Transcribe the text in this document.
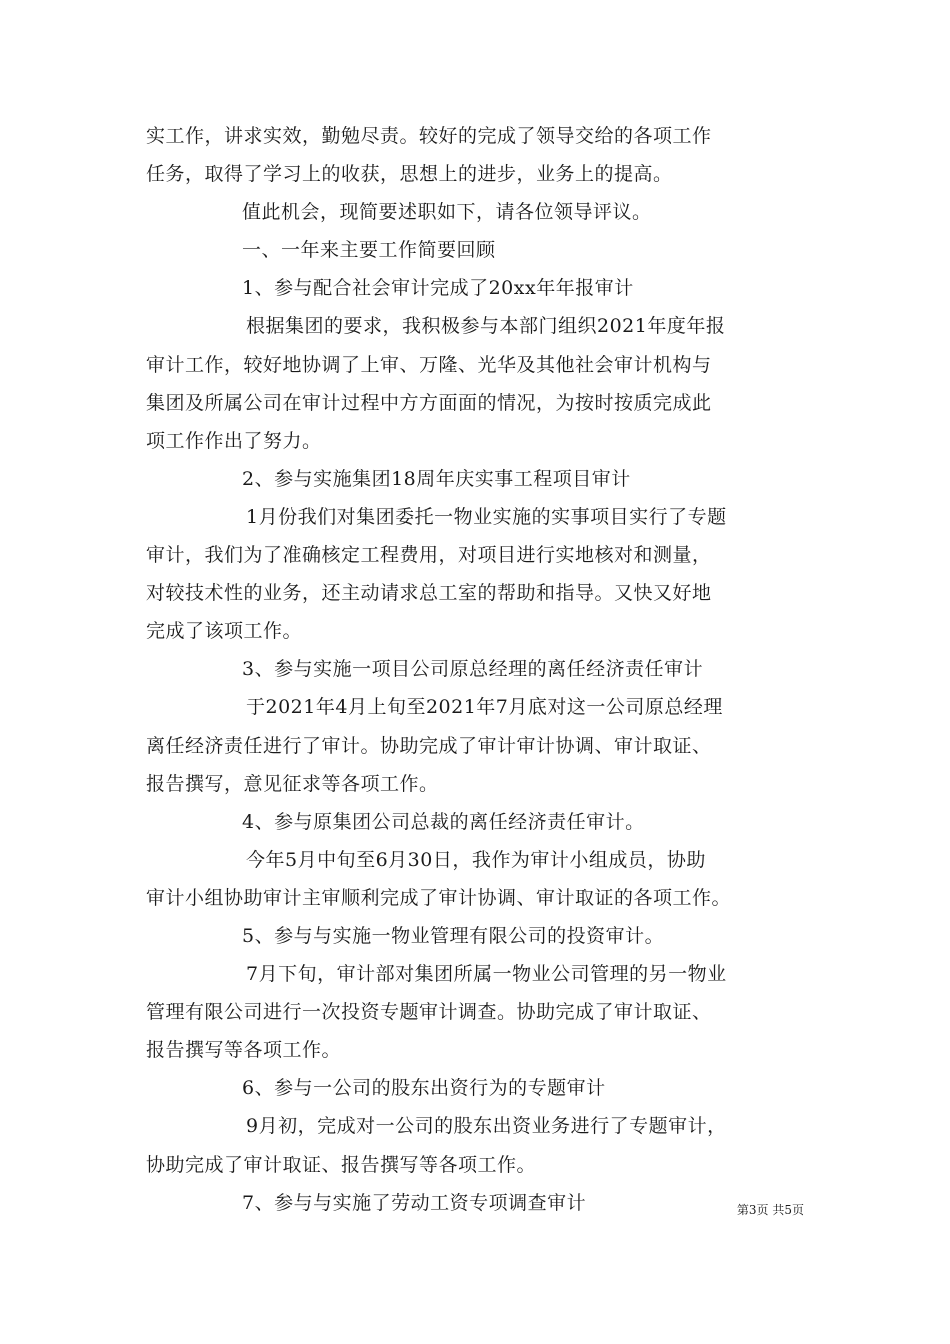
实工作，讲求实效，勤勉尽责。较好的完成了领导交给的各项工作
任务，取得了学习上的收获，思想上的进步，业务上的提高。
值此机会，现简要述职如下，请各位领导评议。
一、一年来主要工作简要回顾
1、参与配合社会审计完成了20xx年年报审计
根据集团的要求，我积极参与本部门组织2021年度年报
审计工作，较好地协调了上审、万隆、光华及其他社会审计机构与
集团及所属公司在审计过程中方方面面的情况，为按时按质完成此
项工作作出了努力。
2、参与实施集团18周年庆实事工程项目审计
1月份我们对集团委托一物业实施的实事项目实行了专题
审计，我们为了准确核定工程费用，对项目进行实地核对和测量，
对较技术性的业务，还主动请求总工室的帮助和指导。又快又好地
完成了该项工作。
3、参与实施一项目公司原总经理的离任经济责任审计
于2021年4月上旬至2021年7月底对这一公司原总经理
离任经济责任进行了审计。协助完成了审计审计协调、审计取证、
报告撰写，意见征求等各项工作。
4、参与原集团公司总裁的离任经济责任审计。
今年5月中旬至6月30日，我作为审计小组成员，协助
审计小组协助审计主审顺利完成了审计协调、审计取证的各项工作。
5、参与与实施一物业管理有限公司的投资审计。
7月下旬，审计部对集团所属一物业公司管理的另一物业
管理有限公司进行一次投资专题审计调查。协助完成了审计取证、
报告撰写等各项工作。
6、参与一公司的股东出资行为的专题审计
9月初，完成对一公司的股东出资业务进行了专题审计，
协助完成了审计取证、报告撰写等各项工作。
7、参与与实施了劳动工资专项调查审计	第3页 共5页
